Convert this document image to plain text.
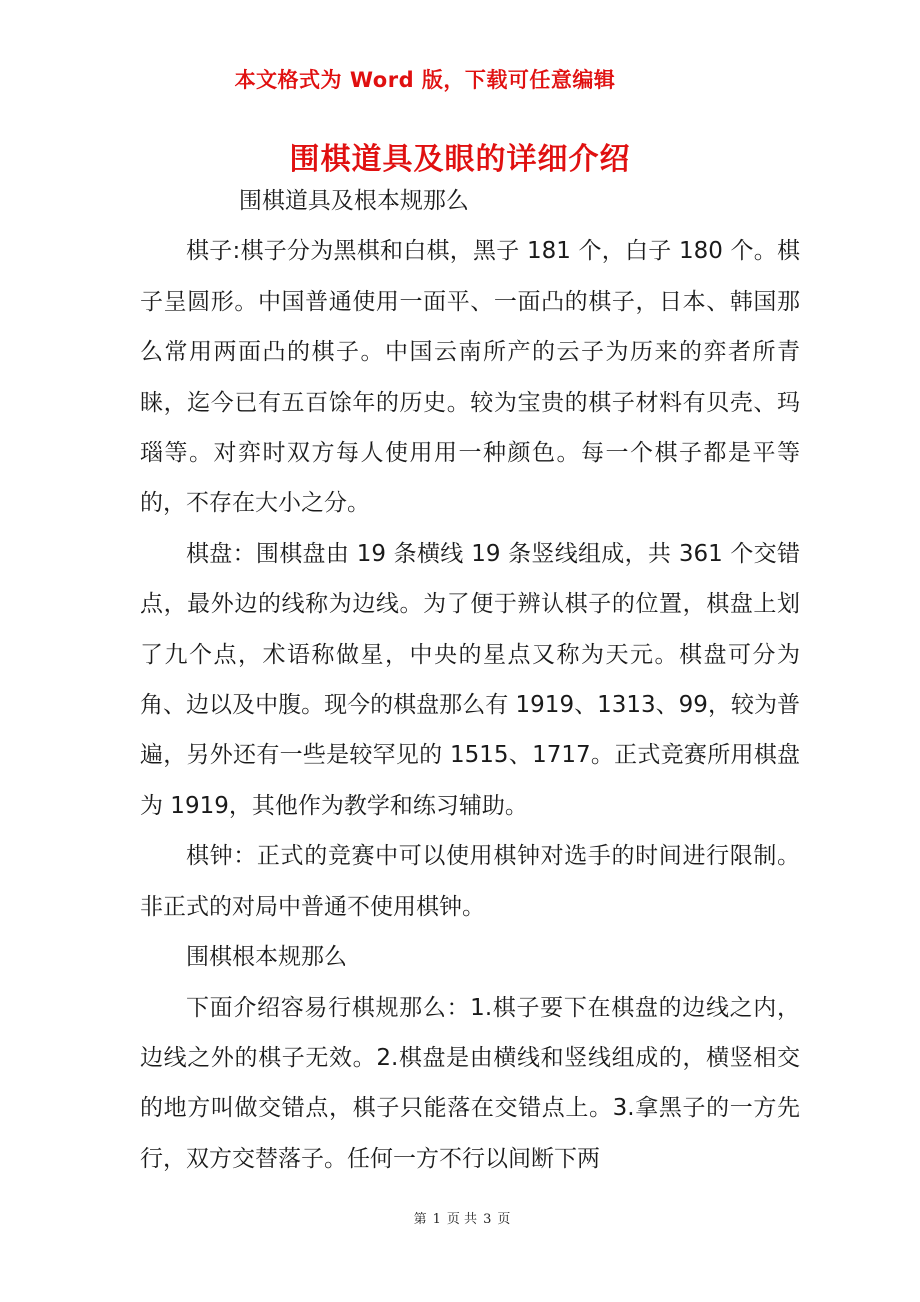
本文格式为 Word 版，下载可任意编辑
围棋道具及眼的详细介绍

围棋道具及根本规那么

棋子:棋子分为黑棋和白棋，黑子 181 个，白子 180 个。棋子呈圆形。中国普通使用一面平、一面凸的棋子，日本、韩国那么常用两面凸的棋子。中国云南所产的云子为历来的弈者所青睐，迄今已有五百馀年的历史。较为宝贵的棋子材料有贝壳、玛瑙等。对弈时双方每人使用用一种颜色。每一个棋子都是平等的，不存在大小之分。

棋盘：围棋盘由 19 条横线 19 条竖线组成，共 361 个交错点，最外边的线称为边线。为了便于辨认棋子的位置，棋盘上划了九个点，术语称做星，中央的星点又称为天元。棋盘可分为角、边以及中腹。现今的棋盘那么有 1919、1313、99，较为普遍，另外还有一些是较罕见的 1515、1717。正式竞赛所用棋盘为 1919，其他作为教学和练习辅助。

棋钟：正式的竞赛中可以使用棋钟对选手的时间进行限制。非正式的对局中普通不使用棋钟。

围棋根本规那么

下面介绍容易行棋规那么：1.棋子要下在棋盘的边线之内，边线之外的棋子无效。2.棋盘是由横线和竖线组成的，横竖相交的地方叫做交错点，棋子只能落在交错点上。3.拿黑子的一方先行，双方交替落子。任何一方不行以间断下两

第 1 页 共 3 页
